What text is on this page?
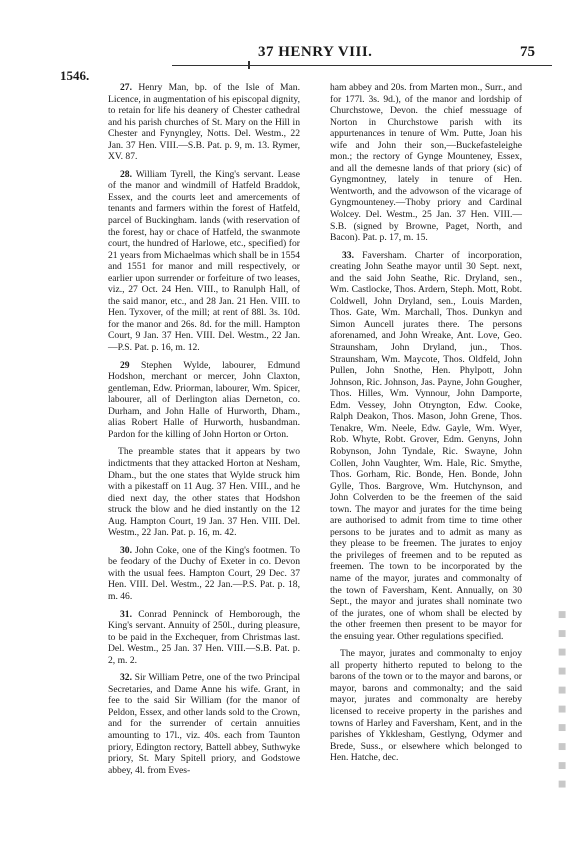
37 HENRY VIII.	75
1546.

27. Henry Man, bp. of the Isle of Man. Licence, in augmentation of his episcopal dignity, to retain for life his deanery of Chester cathedral and his parish churches of St. Mary on the Hill in Chester and Fynyngley, Notts. Del. Westm., 22 Jan. 37 Hen. VIII.—S.B. Pat. p. 9, m. 13. Rymer, XV. 87.

28. William Tyrell, the King's servant. Lease of the manor and windmill of Hatfeld Braddok, Essex, and the courts leet and amercements of tenants and farmers within the forest of Hatfeld, parcel of Buckingham. lands (with reservation of the forest, hay or chace of Hatfeld, the swanmote court, the hundred of Harlowe, etc., specified) for 21 years from Michaelmas which shall be in 1554 and 1551 for manor and mill respectively, or earlier upon surrender or forfeiture of two leases, viz., 27 Oct. 24 Hen. VIII., to Ranulph Hall, of the said manor, etc., and 28 Jan. 21 Hen. VIII. to Hen. Tyxover, of the mill; at rent of 88l. 3s. 10d. for the manor and 26s. 8d. for the mill. Hampton Court, 9 Jan. 37 Hen. VIII. Del. Westm., 22 Jan.—P.S. Pat. p. 16, m. 12.

29 Stephen Wylde, labourer, Edmund Hodshon, merchant or mercer, John Claxton, gentleman, Edw. Priorman, labourer, Wm. Spicer, labourer, all of Derlington alias Derneton, co. Durham, and John Halle of Hurworth, Dham., alias Robert Halle of Hurworth, husbandman. Pardon for the killing of John Horton or Orton.

The preamble states that it appears by two indictments that they attacked Horton at Nesham, Dham., but the one states that Wylde struck him with a pikestaff on 11 Aug. 37 Hen. VIII., and he died next day, the other states that Hodshon struck the blow and he died instantly on the 12 Aug. Hampton Court, 19 Jan. 37 Hen. VIII. Del. Westm., 22 Jan. Pat. p. 16, m. 42.

30. John Coke, one of the King's footmen. To be feodary of the Duchy of Exeter in co. Devon with the usual fees. Hampton Court, 29 Dec. 37 Hen. VIII. Del. Westm., 22 Jan.—P.S. Pat. p. 18, m. 46.

31. Conrad Penninck of Hemborough, the King's servant. Annuity of 250l., during pleasure, to be paid in the Exchequer, from Christmas last. Del. Westm., 25 Jan. 37 Hen. VIII.—S.B. Pat. p. 2, m. 2.

32. Sir William Petre, one of the two Principal Secretaries, and Dame Anne his wife. Grant, in fee to the said Sir William (for the manor of Peldon, Essex, and other lands sold to the Crown, and for the surrender of certain annuities amounting to 17l., viz. 40s. each from Taunton priory, Edington rectory, Battell abbey, Suthwyke priory, St. Mary Spitell priory, and Godstowe abbey, 4l. from Eves-

ham abbey and 20s. from Marten mon., Surr., and for 177l. 3s. 9d.), of the manor and lordship of Churchstowe, Devon. the chief messuage of Norton in Churchstowe parish with its appurtenances in tenure of Wm. Putte, Joan his wife and John their son,—Buckefasteleighe mon.; the rectory of Gynge Mounteney, Essex, and all the demesne lands of that priory (sic) of Gyngmontney, lately in tenure of Hen. Wentworth, and the advowson of the vicarage of Gyngmounteney.—Thoby priory and Cardinal Wolcey. Del. Westm., 25 Jan. 37 Hen. VIII.—S.B. (signed by Browne, Paget, North, and Bacon). Pat. p. 17, m. 15.

33. Faversham. Charter of incorporation, creating John Seathe mayor until 30 Sept. next, and the said John Seathe, Ric. Dryland, sen., Wm. Castlocke, Thos. Ardern, Steph. Mott, Robt. Coldwell, John Dryland, sen., Louis Marden, Thos. Gate, Wm. Marchall, Thos. Dunkyn and Simon Auncell jurates there. The persons aforenamed, and John Wreake, Ant. Love, Geo. Straunsham, John Dryland, jun., Thos. Straunsham, Wm. Maycote, Thos. Oldfeld, John Pullen, John Snothe, Hen. Phylpott, John Johnson, Ric. Johnson, Jas. Payne, John Gougher, Thos. Hilles, Wm. Vynnour, John Damporte, Edm. Vessey, John Otryngton, Edw. Cooke, Ralph Deakon, Thos. Mason, John Grene, Thos. Tenakre, Wm. Neele, Edw. Gayle, Wm. Wyer, Rob. Whyte, Robt. Grover, Edm. Genyns, John Robynson, John Tyndale, Ric. Swayne, John Collen, John Vaughter, Wm. Hale, Ric. Smythe, Thos. Gorham, Ric. Bonde, Hen. Bonde, John Gylle, Thos. Bargrove, Wm. Hutchynson, and John Colverden to be the freemen of the said town. The mayor and jurates for the time being are authorised to admit from time to time other persons to be jurates and to admit as many as they please to be freemen. The jurates to enjoy the privileges of freemen and to be reputed as freemen. The town to be incorporated by the name of the mayor, jurates and commonalty of the town of Faversham, Kent. Annually, on 30 Sept., the mayor and jurates shall nominate two of the jurates, one of whom shall be elected by the other freemen then present to be mayor for the ensuing year. Other regulations specified.

The mayor, jurates and commonalty to enjoy all property hitherto reputed to belong to the barons of the town or to the mayor and barons, or mayor, barons and commonalty; and the said mayor, jurates and commonalty are hereby licensed to receive property in the parishes and towns of Harley and Faversham, Kent, and in the parishes of Ykklesham, Gestlyng, Odymer and Brede, Suss., or elsewhere which belonged to Hen. Hatche, dec.	■ ■ ■ ■ ■ ■ ■ ■ ■ ■
